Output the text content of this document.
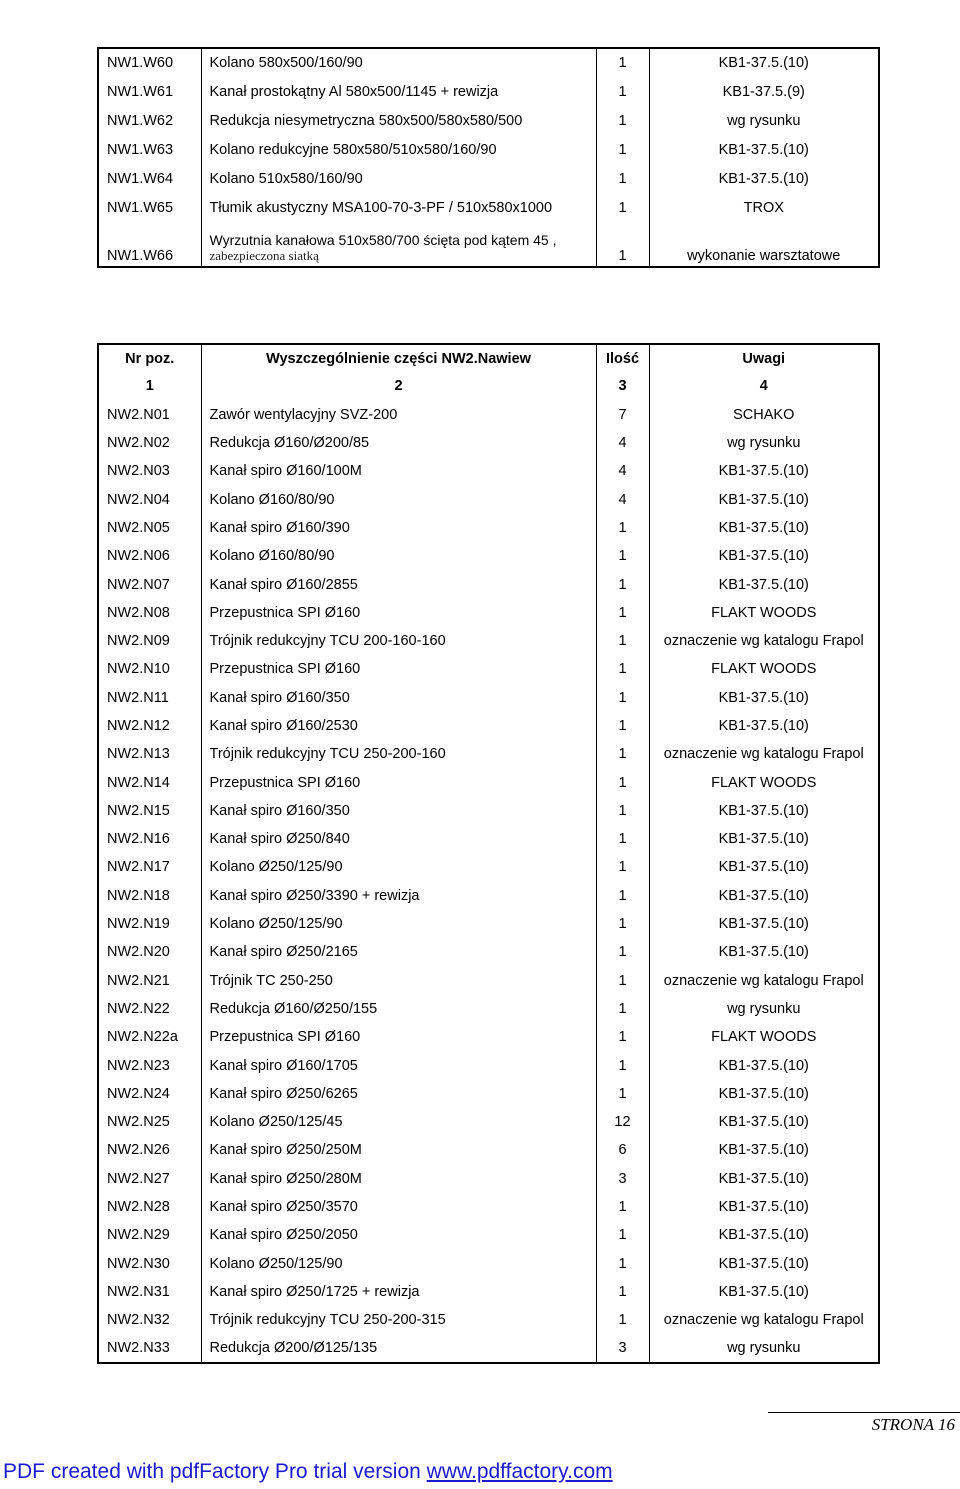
NW1.W60	Kolano 580x500/160/90	1	KB1-37.5.(10)
NW1.W61	Kanał prostokątny Al 580x500/1145 + rewizja	1	KB1-37.5.(9)
NW1.W62	Redukcja niesymetryczna 580x500/580x580/500	1	wg rysunku
NW1.W63	Kolano redukcyjne 580x580/510x580/160/90	1	KB1-37.5.(10)
NW1.W64	Kolano 510x580/160/90	1	KB1-37.5.(10)
NW1.W65	Tłumik akustyczny MSA100-70-3-PF / 510x580x1000	1	TROX
NW1.W66	Wyrzutnia kanałowa 510x580/700 ścięta pod kątem 45 ,
zabezpieczona siatką	1	wykonanie warsztatowe
Nr poz.	Wyszczególnienie części NW2.Nawiew	Ilość	Uwagi
1	2	3	4
NW2.N01	Zawór wentylacyjny SVZ-200	7	SCHAKO
NW2.N02	Redukcja Ø160/Ø200/85	4	wg rysunku
NW2.N03	Kanał spiro Ø160/100M	4	KB1-37.5.(10)
NW2.N04	Kolano Ø160/80/90	4	KB1-37.5.(10)
NW2.N05	Kanał spiro Ø160/390	1	KB1-37.5.(10)
NW2.N06	Kolano Ø160/80/90	1	KB1-37.5.(10)
NW2.N07	Kanał spiro Ø160/2855	1	KB1-37.5.(10)
NW2.N08	Przepustnica SPI Ø160	1	FLAKT WOODS
NW2.N09	Trójnik redukcyjny TCU 200-160-160	1	oznaczenie wg katalogu Frapol
NW2.N10	Przepustnica SPI Ø160	1	FLAKT WOODS
NW2.N11	Kanał spiro Ø160/350	1	KB1-37.5.(10)
NW2.N12	Kanał spiro Ø160/2530	1	KB1-37.5.(10)
NW2.N13	Trójnik redukcyjny TCU 250-200-160	1	oznaczenie wg katalogu Frapol
NW2.N14	Przepustnica SPI Ø160	1	FLAKT WOODS
NW2.N15	Kanał spiro Ø160/350	1	KB1-37.5.(10)
NW2.N16	Kanał spiro Ø250/840	1	KB1-37.5.(10)
NW2.N17	Kolano Ø250/125/90	1	KB1-37.5.(10)
NW2.N18	Kanał spiro Ø250/3390 + rewizja	1	KB1-37.5.(10)
NW2.N19	Kolano Ø250/125/90	1	KB1-37.5.(10)
NW2.N20	Kanał spiro Ø250/2165	1	KB1-37.5.(10)
NW2.N21	Trójnik TC 250-250	1	oznaczenie wg katalogu Frapol
NW2.N22	Redukcja Ø160/Ø250/155	1	wg rysunku
NW2.N22a	Przepustnica SPI Ø160	1	FLAKT WOODS
NW2.N23	Kanał spiro Ø160/1705	1	KB1-37.5.(10)
NW2.N24	Kanał spiro Ø250/6265	1	KB1-37.5.(10)
NW2.N25	Kolano Ø250/125/45	12	KB1-37.5.(10)
NW2.N26	Kanał spiro Ø250/250M	6	KB1-37.5.(10)
NW2.N27	Kanał spiro Ø250/280M	3	KB1-37.5.(10)
NW2.N28	Kanał spiro Ø250/3570	1	KB1-37.5.(10)
NW2.N29	Kanał spiro Ø250/2050	1	KB1-37.5.(10)
NW2.N30	Kolano Ø250/125/90	1	KB1-37.5.(10)
NW2.N31	Kanał spiro Ø250/1725 + rewizja	1	KB1-37.5.(10)
NW2.N32	Trójnik redukcyjny TCU 250-200-315	1	oznaczenie wg katalogu Frapol
NW2.N33	Redukcja Ø200/Ø125/135	3	wg rysunku
STRONA 16
PDF created with pdfFactory Pro trial version www.pdffactory.com
